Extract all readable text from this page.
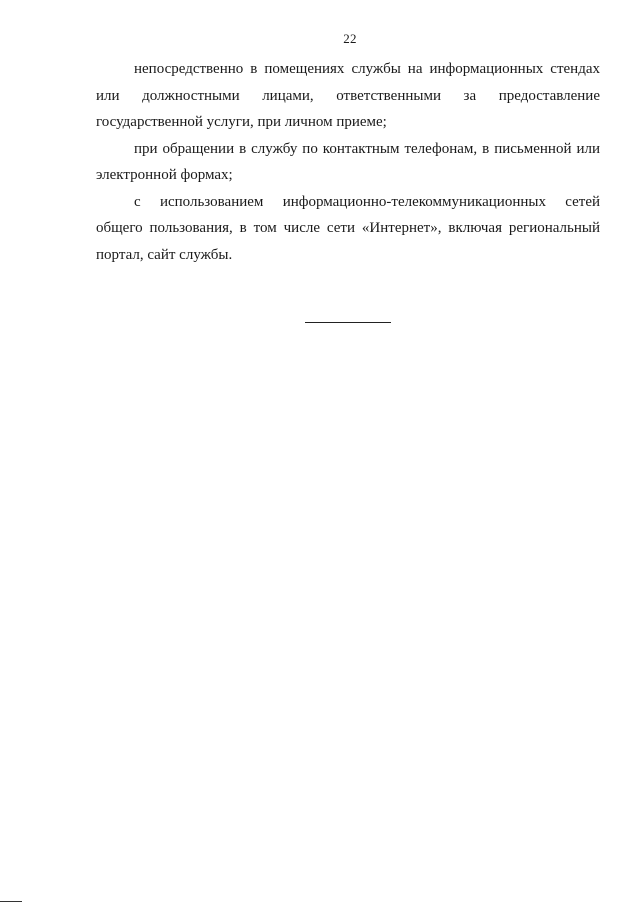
22

непосредственно в помещениях службы на информационных стендах или должностными лицами, ответственными за предоставление государственной услуги, при личном приеме;

при обращении в службу по контактным телефонам, в письменной или электронной формах;

с использованием информационно-телекоммуникационных сетей общего пользования, в том числе сети «Интернет», включая региональный портал, сайт службы.
